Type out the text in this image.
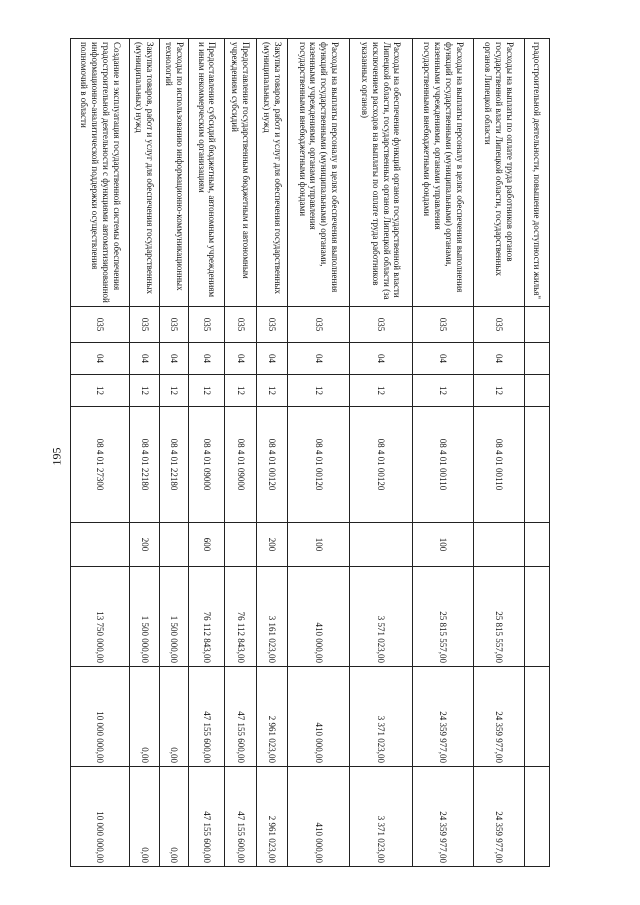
195
градостроительной деятельности, повышение доступности жилья"								
Расходы на выплаты по оплате труда работников органов государственной власти Липецкой области, государственных органов Липецкой области	035	04	12	08 4 01 00110		25 815 557,00	24 359 977,00	24 359 977,00
Расходы на выплаты персоналу в целях обеспечения выполнения функций государственными (муниципальными) органами, казенными учреждениями, органами управления государственными внебюджетными фондами	035	04	12	08 4 01 00110	100	25 815 557,00	24 359 977,00	24 359 977,00
Расходы на обеспечение функций органов государственной власти Липецкой области, государственных органов Липецкой области (за исключением расходов на выплаты по оплате труда работников указанных органов)	035	04	12	08 4 01 00120		3 571 023,00	3 371 023,00	3 371 023,00
Расходы на выплаты персоналу в целях обеспечения выполнения функций государственными (муниципальными) органами, казенными учреждениями, органами управления государственными внебюджетными фондами	035	04	12	08 4 01 00120	100	410 000,00	410 000,00	410 000,00
Закупка товаров, работ и услуг для обеспечения государственных (муниципальных) нужд	035	04	12	08 4 01 00120	200	3 161 023,00	2 961 023,00	2 961 023,00
Предоставление государственным бюджетным и автономным учреждениям субсидий	035	04	12	08 4 01 09000		76 112 843,00	47 155 600,00	47 155 600,00
Предоставление субсидий бюджетным, автономным учреждениям и иным некоммерческим организациям	035	04	12	08 4 01 09000	600	76 112 843,00	47 155 600,00	47 155 600,00
Расходы по использованию информационно-коммуникационных технологий	035	04	12	08 4 01 22180		1 500 000,00	0,00	0,00
Закупка товаров, работ и услуг для обеспечения государственных (муниципальных) нужд	035	04	12	08 4 01 22180	200	1 500 000,00	0,00	0,00
Создание и эксплуатация государственной системы обеспечения градостроительной деятельности с функциями автоматизированной информационно-аналитической поддержки осуществления полномочий в области	035	04	12	08 4 01 27300		13 750 000,00	10 000 000,00	10 000 000,00
